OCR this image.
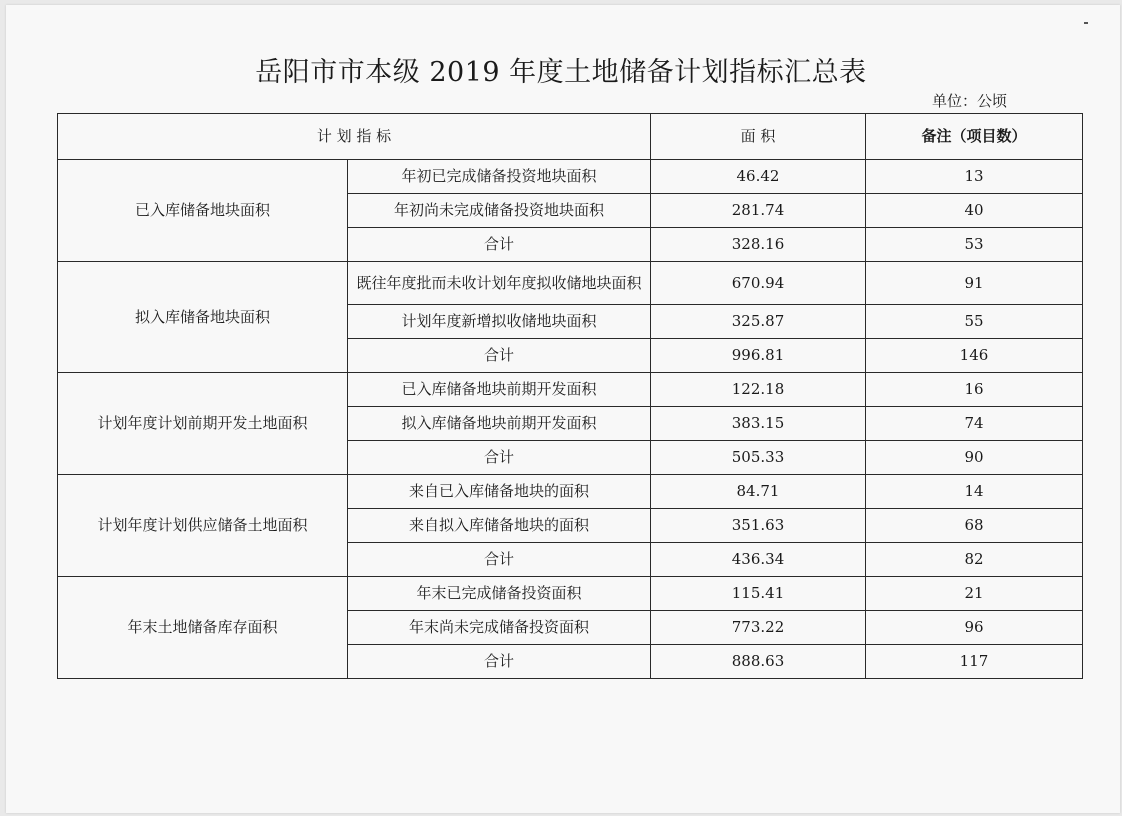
岳阳市市本级 2019 年度土地储备计划指标汇总表
单位：公顷
计 划 指 标		面 积	备注（项目数）
已入库储备地块面积	年初已完成储备投资地块面积	46.42	13
	年初尚未完成储备投资地块面积	281.74	40
	合计	328.16	53
拟入库储备地块面积	既往年度批而未收计划年度拟收储地块面积	670.94	91
	计划年度新增拟收储地块面积	325.87	55
	合计	996.81	146
计划年度计划前期开发土地面积	已入库储备地块前期开发面积	122.18	16
	拟入库储备地块前期开发面积	383.15	74
	合计	505.33	90
计划年度计划供应储备土地面积	来自已入库储备地块的面积	84.71	14
	来自拟入库储备地块的面积	351.63	68
	合计	436.34	82
年末土地储备库存面积	年末已完成储备投资面积	115.41	21
	年末尚未完成储备投资面积	773.22	96
	合计	888.63	117
